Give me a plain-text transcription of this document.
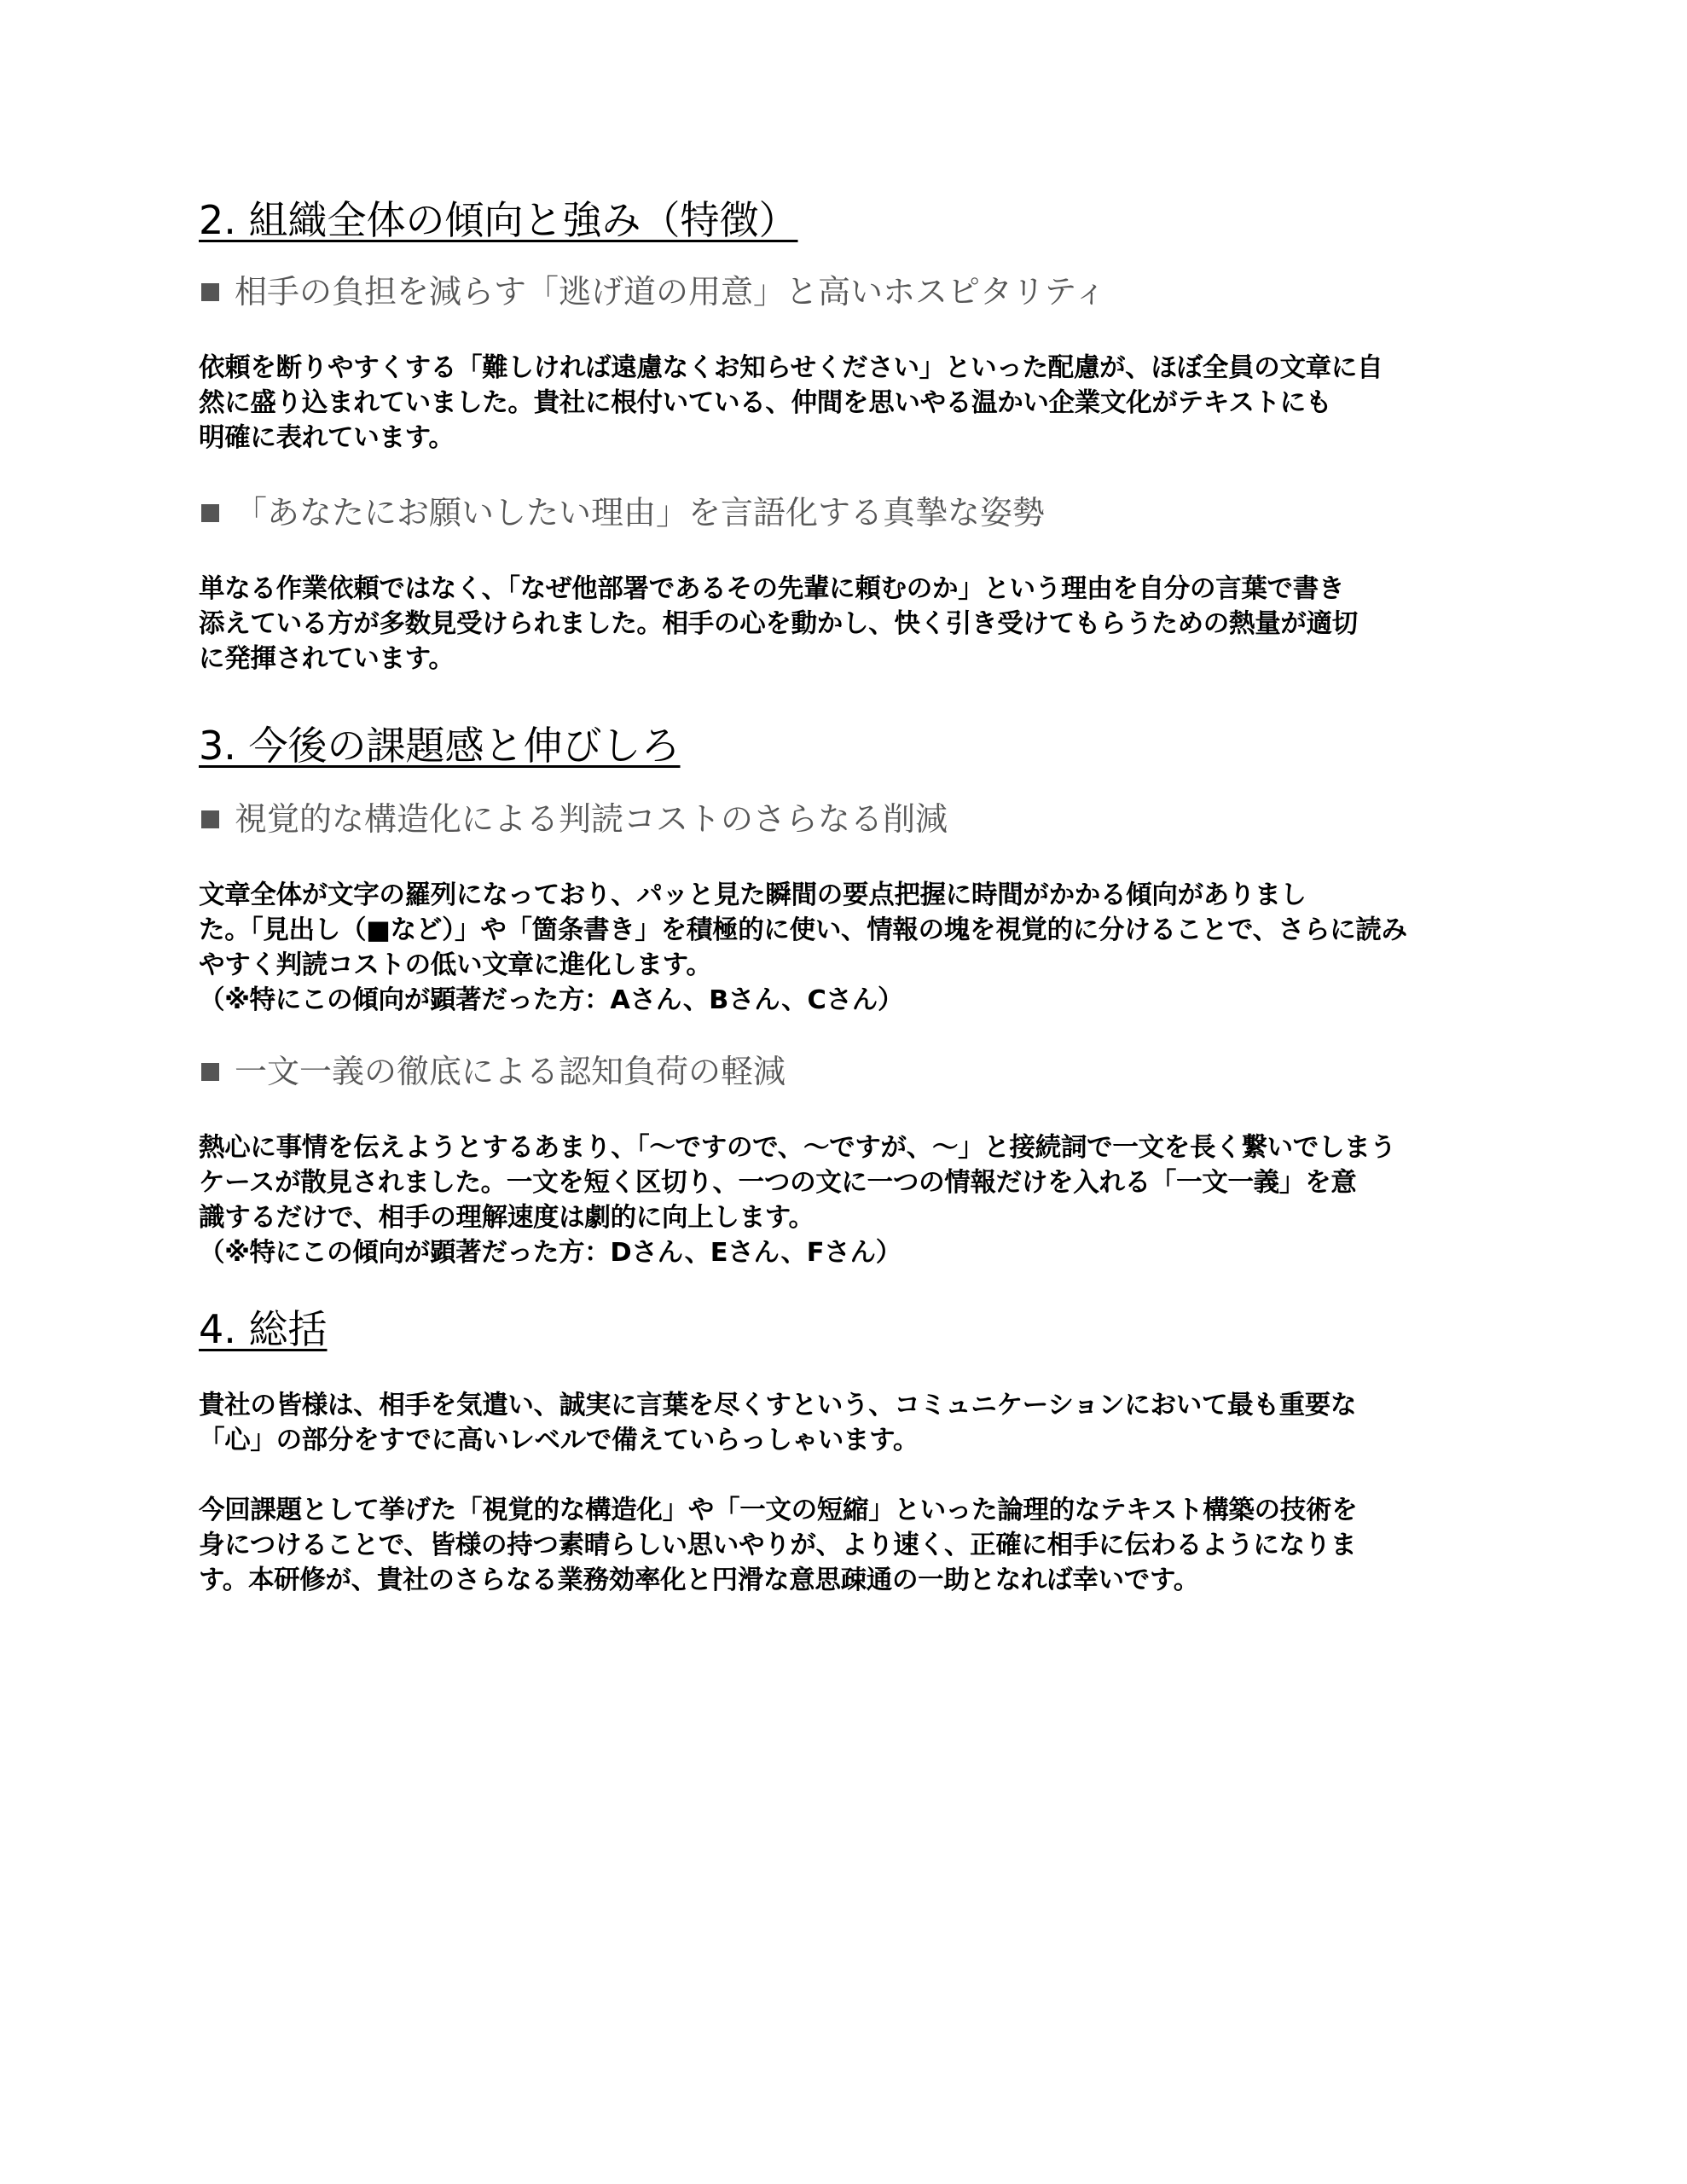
2. 組織全体の傾向と強み（特徴）
相手の負担を減らす「逃げ道の用意」と高いホスピタリティ

依頼を断りやすくする「難しければ遠慮なくお知らせください」といった配慮が、ほぼ全員の文章に自
然に盛り込まれていました。貴社に根付いている、仲間を思いやる温かい企業文化がテキストにも
明確に表れています。

「あなたにお願いしたい理由」を言語化する真摯な姿勢

単なる作業依頼ではなく、「なぜ他部署であるその先輩に頼むのか」という理由を自分の言葉で書き
添えている方が多数見受けられました。相手の心を動かし、快く引き受けてもらうための熱量が適切
に発揮されています。

3. 今後の課題感と伸びしろ
視覚的な構造化による判読コストのさらなる削減

文章全体が文字の羅列になっており、パッと見た瞬間の要点把握に時間がかかる傾向がありまし
た。「見出し（■など）」や「箇条書き」を積極的に使い、情報の塊を視覚的に分けることで、さらに読み
やすく判読コストの低い文章に進化します。
（※特にこの傾向が顕著だった方：Aさん、Bさん、Cさん）

一文一義の徹底による認知負荷の軽減

熱心に事情を伝えようとするあまり、「～ですので、～ですが、～」と接続詞で一文を長く繋いでしまう
ケースが散見されました。一文を短く区切り、一つの文に一つの情報だけを入れる「一文一義」を意
識するだけで、相手の理解速度は劇的に向上します。
（※特にこの傾向が顕著だった方：Dさん、Eさん、Fさん）

4. 総括

貴社の皆様は、相手を気遣い、誠実に言葉を尽くすという、コミュニケーションにおいて最も重要な
「心」の部分をすでに高いレベルで備えていらっしゃいます。

今回課題として挙げた「視覚的な構造化」や「一文の短縮」といった論理的なテキスト構築の技術を
身につけることで、皆様の持つ素晴らしい思いやりが、より速く、正確に相手に伝わるようになりま
す。本研修が、貴社のさらなる業務効率化と円滑な意思疎通の一助となれば幸いです。
